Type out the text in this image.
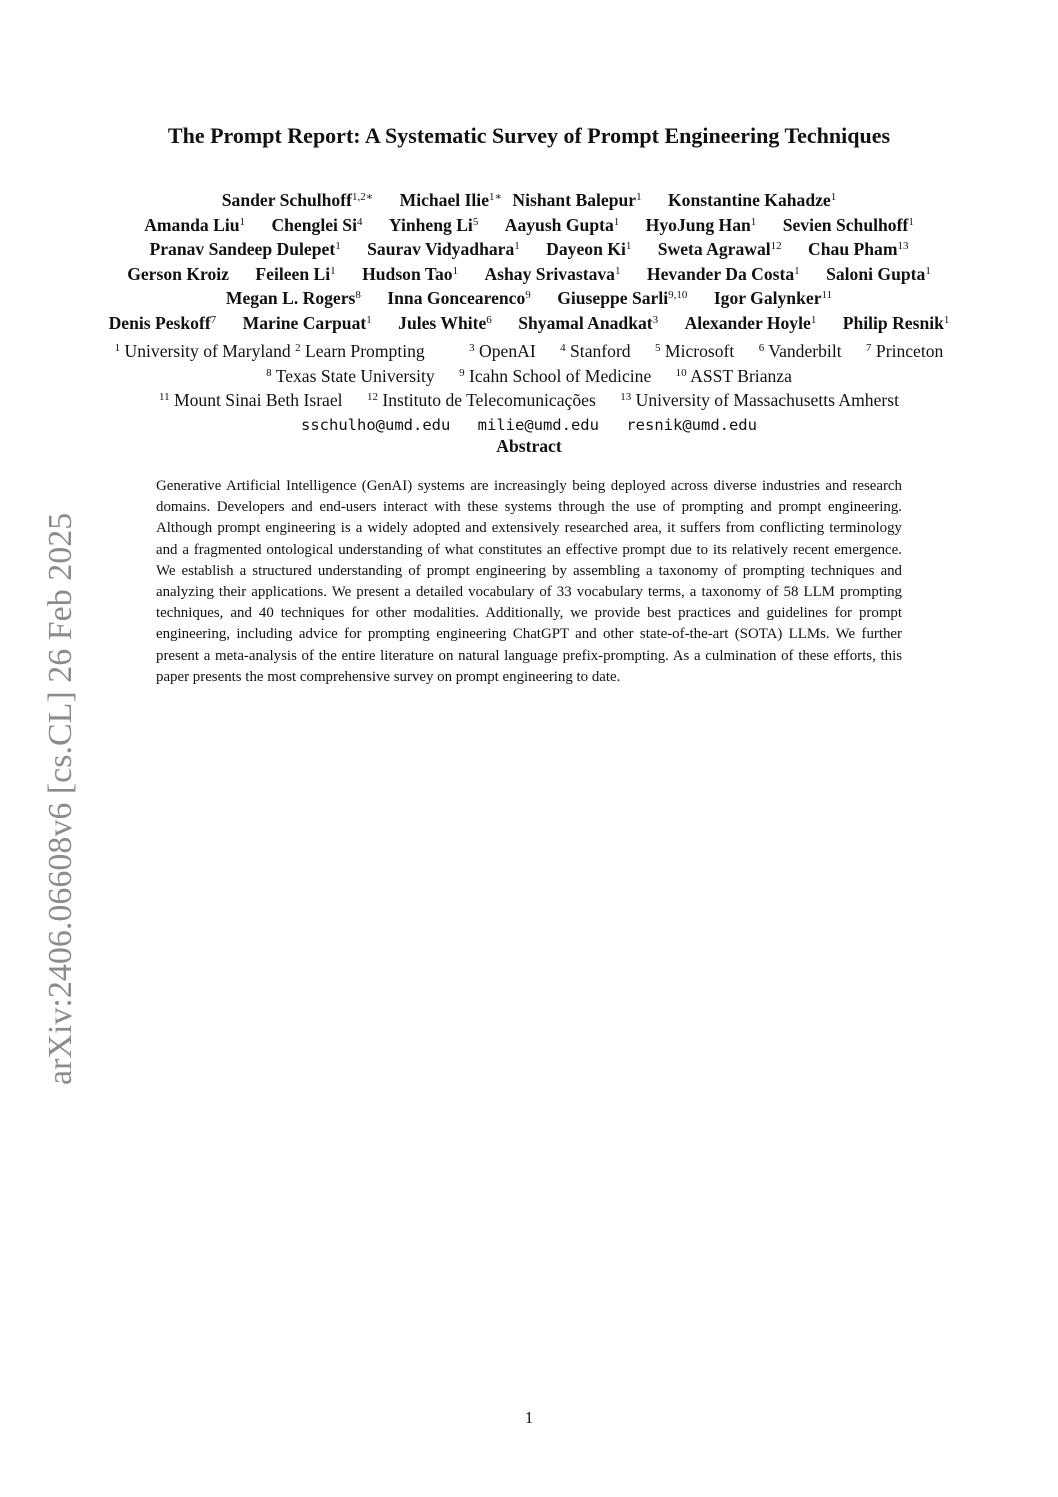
The Prompt Report: A Systematic Survey of Prompt Engineering Techniques
Sander Schulhoff$^{1,2∗}$ Michael Ilie$^{1∗}$ Nishant Balepur$^1$ Konstantine Kahadze$^1$
Amanda Liu$^1$ Chenglei Si$^4$ Yinheng Li$^5$ Aayush Gupta$^1$ HyoJung Han$^1$ Sevien Schulhoff$^1$
Pranav Sandeep Dulepet$^1$ Saurav Vidyadhara$^1$ Dayeon Ki$^1$ Sweta Agrawal$^{12}$ Chau Pham$^{13}$
Gerson Kroiz Feileen Li$^1$ Hudson Tao$^1$ Ashay Srivastava$^1$ Hevander Da Costa$^1$ Saloni Gupta$^1$
Megan L. Rogers$^8$ Inna Goncearenco$^9$ Giuseppe Sarli$^{9,10}$ Igor Galynker$^{11}$
Denis Peskoff$^7$ Marine Carpuat$^1$ Jules White$^6$ Shyamal Anadkat$^3$ Alexander Hoyle$^1$ Philip Resnik$^1$
$^1$ University of Maryland $^2$ Learn Prompting	$^3$ OpenAI $^4$ Stanford $^5$ Microsoft $^6$ Vanderbilt $^7$ Princeton
$^8$ Texas State University $^9$ Icahn School of Medicine $^{10}$ ASST Brianza
$^{11}$ Mount Sinai Beth Israel $^{12}$ Instituto de Telecomunicações $^{13}$ University of Massachusetts Amherst
sschulho@umd.edu milie@umd.edu resnik@umd.edu
Abstract

Generative Artificial Intelligence (GenAI) systems are increasingly being deployed across diverse industries and research domains. Developers and end-users interact with these systems through the use of prompting and prompt engineering. Although prompt engineering is a widely adopted and extensively researched area, it suffers from conflicting terminology and a fragmented ontological understanding of what constitutes an effective prompt due to its relatively recent emergence. We establish a structured understanding of prompt engineering by assembling a taxonomy of prompting techniques and analyzing their applications. We present a detailed vocabulary of 33 vocabulary terms, a taxonomy of 58 LLM prompting techniques, and 40 techniques for other modalities. Additionally, we provide best practices and guidelines for prompt engineering, including advice for prompting engineering ChatGPT and other state-of-the-art (SOTA) LLMs. We further present a meta-analysis of the entire literature on natural language prefix-prompting. As a culmination of these efforts, this paper presents the most comprehensive survey on prompt engineering to date.

arXiv:2406.06608v6 [cs.CL] 26 Feb 2025
1
